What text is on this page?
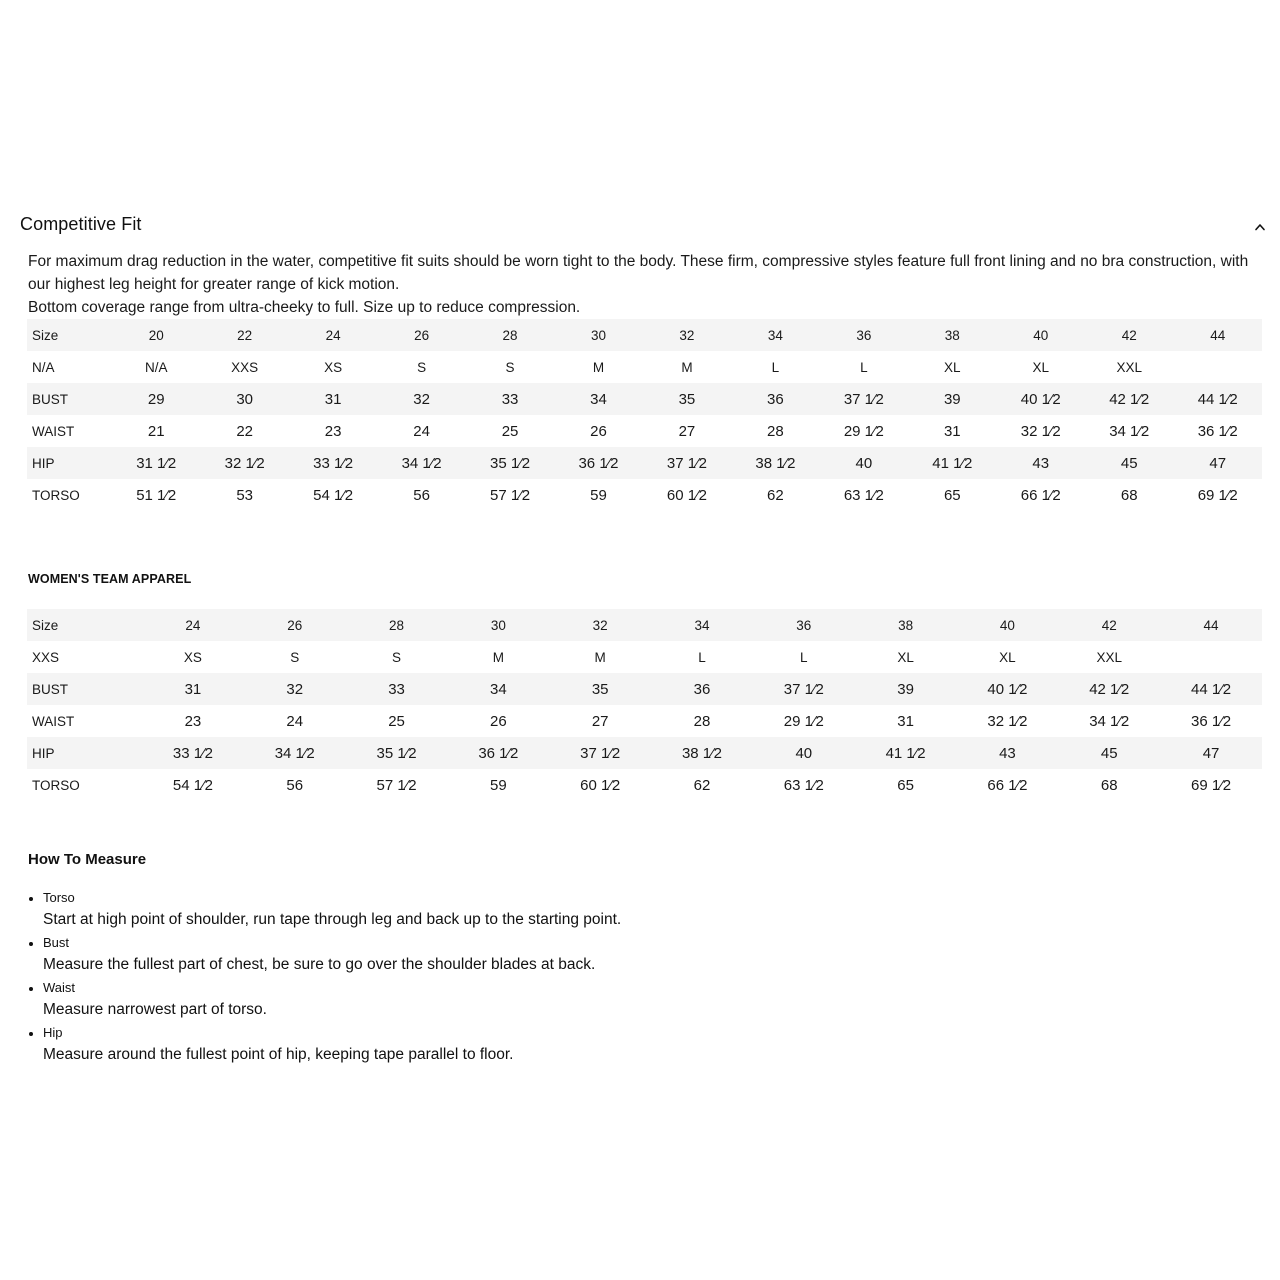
Competitive Fit

For maximum drag reduction in the water, competitive fit suits should be worn tight to the body. These firm, compressive styles feature full front lining and no bra construction, with our highest leg height for greater range of kick motion.

Bottom coverage range from ultra-cheeky to full. Size up to reduce compression.

Size	20	22	24	26	28	30	32	34	36	38	40	42	44
N/A	N/A	XXS	XS	S	S	M	M	L	L	XL	XL	XXL	
BUST	29	30	31	32	33	34	35	36	37 1⁄2	39	40 1⁄2	42 1⁄2	44 1⁄2
WAIST	21	22	23	24	25	26	27	28	29 1⁄2	31	32 1⁄2	34 1⁄2	36 1⁄2
HIP	31 1⁄2	32 1⁄2	33 1⁄2	34 1⁄2	35 1⁄2	36 1⁄2	37 1⁄2	38 1⁄2	40	41 1⁄2	43	45	47
TORSO	51 1⁄2	53	54 1⁄2	56	57 1⁄2	59	60 1⁄2	62	63 1⁄2	65	66 1⁄2	68	69 1⁄2
WOMEN'S TEAM APPAREL
Size	24	26	28	30	32	34	36	38	40	42	44
XXS	XS	S	S	M	M	L	L	XL	XL	XXL	
BUST	31	32	33	34	35	36	37 1⁄2	39	40 1⁄2	42 1⁄2	44 1⁄2
WAIST	23	24	25	26	27	28	29 1⁄2	31	32 1⁄2	34 1⁄2	36 1⁄2
HIP	33 1⁄2	34 1⁄2	35 1⁄2	36 1⁄2	37 1⁄2	38 1⁄2	40	41 1⁄2	43	45	47
TORSO	54 1⁄2	56	57 1⁄2	59	60 1⁄2	62	63 1⁄2	65	66 1⁄2	68	69 1⁄2
How To Measure
Torso
Start at high point of shoulder, run tape through leg and back up to the starting point.
Bust
Measure the fullest part of chest, be sure to go over the shoulder blades at back.
Waist
Measure narrowest part of torso.
Hip
Measure around the fullest point of hip, keeping tape parallel to floor.
